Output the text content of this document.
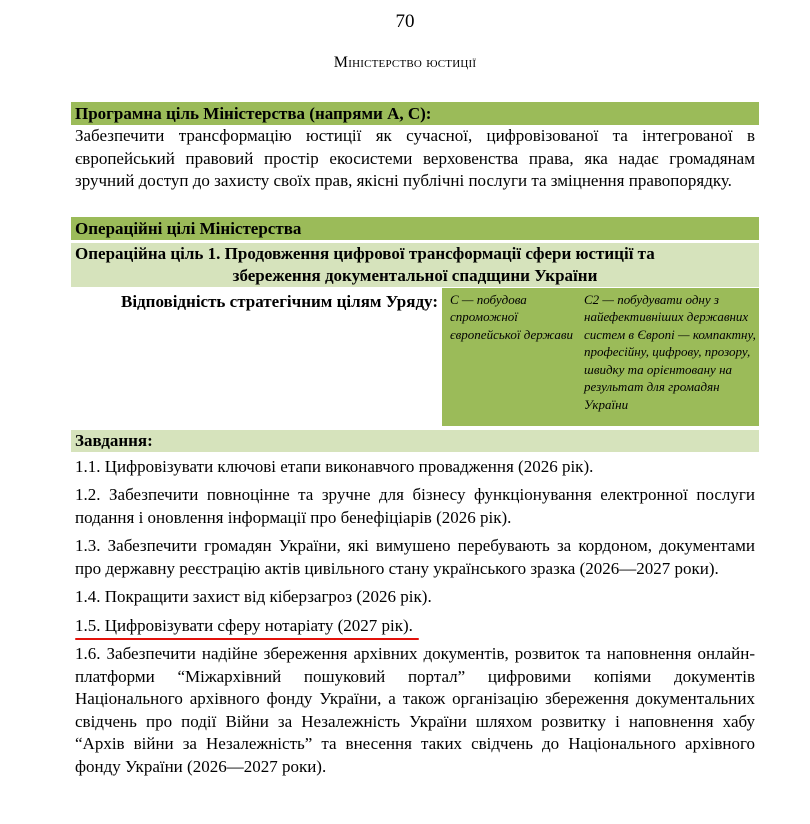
70
Міністерство юстиції
Програмна ціль Міністерства (напрями А, С):
Забезпечити трансформацію юстиції як сучасної, цифровізованої та інтегрованої в європейський правовий простір екосистеми верховенства права, яка надає громадянам зручний доступ до захисту своїх прав, якісні публічні послуги та зміцнення правопорядку.
Операційні цілі Міністерства
Операційна ціль 1. Продовження цифрової трансформації сфери юстиції та
збереження документальної спадщини України
Відповідність стратегічним цілям Уряду: С — побудова спроможної європейської держави
С2 — побудувати одну з найефективніших державних систем в Європі — компактну, професійну, цифрову, прозору, швидку та орієнтовану на результат для громадян України
Завдання:
1.1. Цифровізувати ключові етапи виконавчого провадження (2026 рік).
1.2. Забезпечити повноцінне та зручне для бізнесу функціонування електронної послуги подання і оновлення інформації про бенефіціарів (2026 рік).
1.3. Забезпечити громадян України, які вимушено перебувають за кордоном, документами про державну реєстрацію актів цивільного стану українського зразка (2026—2027 роки).
1.4. Покращити захист від кіберзагроз (2026 рік).
1.5. Цифровізувати сферу нотаріату (2027 рік).
1.6. Забезпечити надійне збереження архівних документів, розвиток та наповнення онлайн-платформи “Міжархівний пошуковий портал” цифровими копіями документів Національного архівного фонду України, а також організацію збереження документальних свідчень про події Війни за Незалежність України шляхом розвитку і наповнення хабу “Архів війни за Незалежність” та внесення таких свідчень до Національного архівного фонду України (2026—2027 роки).
